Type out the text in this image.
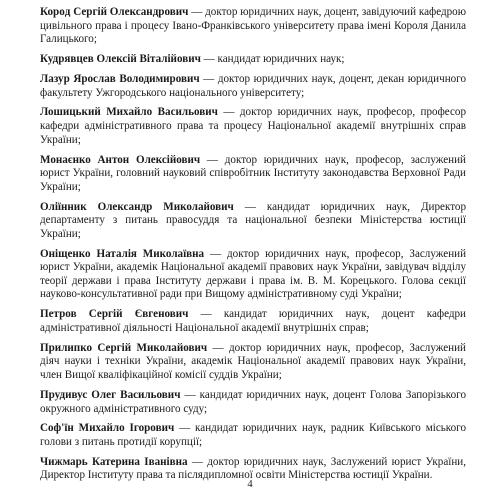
Корoд Сергій Олександрович — доктор юридичних наук, доцент, завідуючий кафедрою цивільного права і процесу Івано-Франківського університету права імені Короля Данила Галицького;

Кудрявцев Олексій Віталійович — кандидат юридичних наук;

Лазур Ярослав Володимирович — доктор юридичних наук, доцент, декан юридичного факультету Ужгородського національного університету;

Лошицький Михайло Васильович — доктор юридичних наук, професор, професор кафедри адміністративного права та процесу Національної академії внутрішніх справ України;

Монаєнко Антон Олексійович — доктор юридичних наук, професор, заслужений юрист України, головний науковий співробітник Інституту законодавства Верховної Ради України;

Оліїнник Олександр Миколайович — кандидат юридичних наук, Директор департаменту з питань правосуддя та національної безпеки Міністерства юстиції України;

Оніщенко Наталія Миколаївна — доктор юридичних наук, професор, Заслужений юрист України, академік Національної академії правових наук України, завідувач відділу теорії держави і права Інституту держави і права ім. В. М. Корецького. Голова секції науково-консультативної ради при Вищому адміністративному суді України;

Петров Сергій Євгенович — кандидат юридичних наук, доцент кафедри адміністративної діяльності Національної академії внутрішніх справ;

Прилипко Сергій Миколайович — доктор юридичних наук, професор, Заслужений діяч науки і техніки України, академік Національної академії правових наук України, член Вищої кваліфікаційної комісії суддів України;

Прудивус Олег Васильович — кандидат юридичних наук, доцент Голова Запорізького окружного адміністративного суду;

Соф'їн Михайло Ігорович — кандидат юридичних наук, радник Київського міського голови з питань протидії корупції;

Чижмарь Катерина Іванівна — доктор юридичних наук, Заслужений юрист України, Директор Інституту права та післядипломної освіти Міністерства юстиції України.

4
